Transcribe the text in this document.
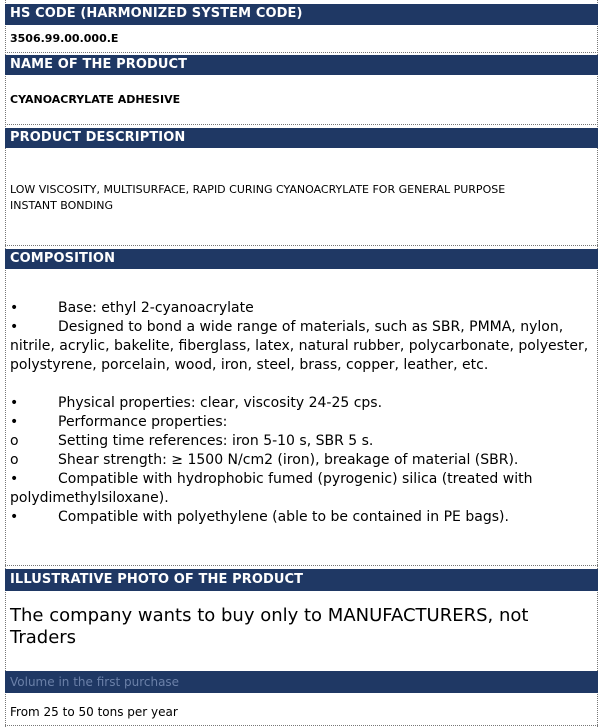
HS CODE (HARMONIZED SYSTEM CODE)
3506.99.00.000.E
NAME OF THE PRODUCT
CYANOACRYLATE ADHESIVE
PRODUCT DESCRIPTION
LOW VISCOSITY, MULTISURFACE, RAPID CURING CYANOACRYLATE FOR GENERAL PURPOSE
INSTANT BONDING
COMPOSITION
•	Base: ethyl 2-cyanoacrylate
•	Designed to bond a wide range of materials, such as SBR, PMMA, nylon,
nitrile, acrylic, bakelite, fiberglass, latex, natural rubber, polycarbonate, polyester,
polystyrene, porcelain, wood, iron, steel, brass, copper, leather, etc.
•	Physical properties: clear, viscosity 24-25 cps.
•	Performance properties:
o	Setting time references: iron 5-10 s, SBR 5 s.
o	Shear strength: ≥ 1500 N/cm2 (iron), breakage of material (SBR).
•	Compatible with hydrophobic fumed (pyrogenic) silica (treated with
polydimethylsiloxane).
•	Compatible with polyethylene (able to be contained in PE bags).
ILLUSTRATIVE PHOTO OF THE PRODUCT
The company wants to buy only to MANUFACTURERS, not Traders
Volume in the first purchase
From 25 to 50 tons per year
